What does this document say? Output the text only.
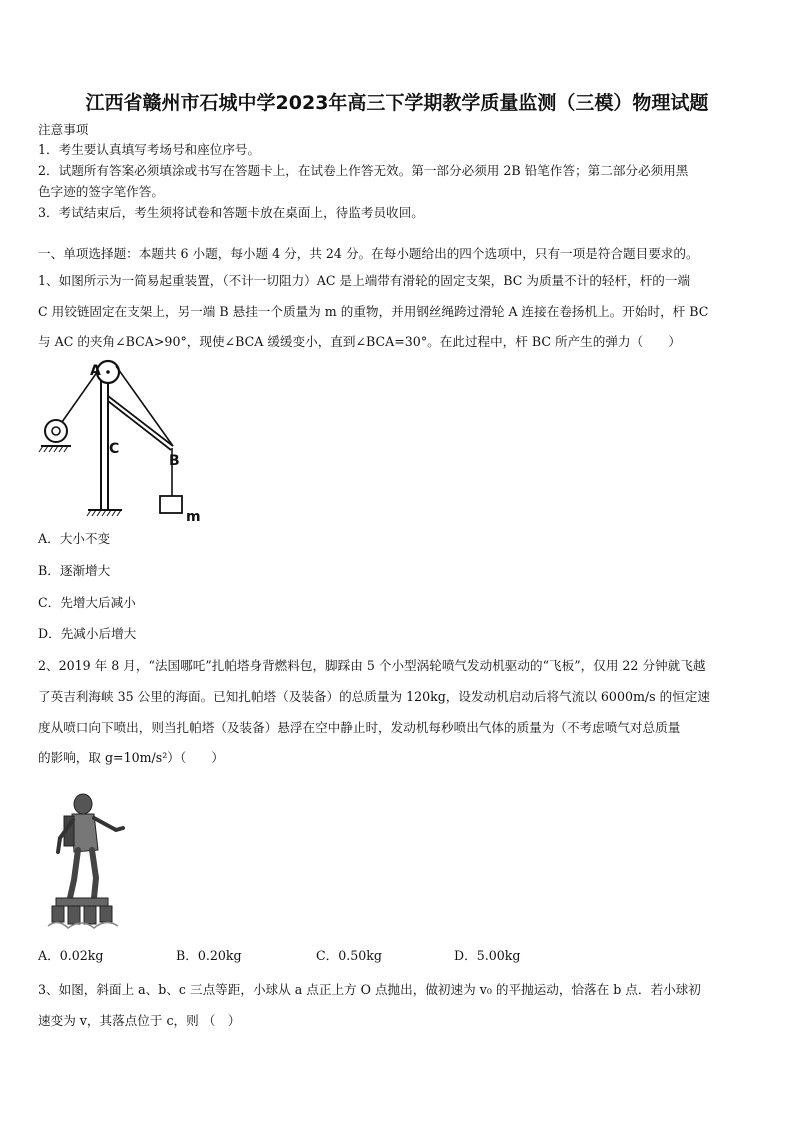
江西省赣州市石城中学2023年高三下学期教学质量监测（三模）物理试题
注意事项
1．考生要认真填写考场号和座位序号。
2．试题所有答案必须填涂或书写在答题卡上，在试卷上作答无效。第一部分必须用 2B 铅笔作答；第二部分必须用黑
色字迹的签字笔作答。
3．考试结束后，考生须将试卷和答题卡放在桌面上，待监考员收回。
一、单项选择题：本题共 6 小题，每小题 4 分，共 24 分。在每小题给出的四个选项中，只有一项是符合题目要求的。
1、如图所示为一简易起重装置，（不计一切阻力）AC 是上端带有滑轮的固定支架，BC 为质量不计的轻杆，杆的一端
C 用铰链固定在支架上，另一端 B 悬挂一个质量为 m 的重物，并用钢丝绳跨过滑轮 A 连接在卷扬机上。开始时，杆 BC
与 AC 的夹角∠BCA>90°，现使∠BCA 缓缓变小，直到∠BCA=30°。在此过程中，杆 BC 所产生的弹力（　　）
A
C
B
m
A．大小不变
B．逐渐增大
C．先增大后减小
D．先减小后增大
2、2019 年 8 月，“法国哪吒”扎帕塔身背燃料包，脚踩由 5 个小型涡轮喷气发动机驱动的“飞板”，仅用 22 分钟就飞越
了英吉利海峡 35 公里的海面。已知扎帕塔（及装备）的总质量为 120kg，设发动机启动后将气流以 6000m/s 的恒定速
度从喷口向下喷出，则当扎帕塔（及装备）悬浮在空中静止时，发动机每秒喷出气体的质量为（不考虑喷气对总质量
的影响，取 g=10m/s²）（　　）
A．0.02kg	B．0.20kg	C．0.50kg	D．5.00kg
3、如图，斜面上 a、b、c 三点等距，小球从 a 点正上方 O 点抛出，做初速为 v₀ 的平抛运动，恰落在 b 点．若小球初
速变为 v，其落点位于 c，则 （　）
